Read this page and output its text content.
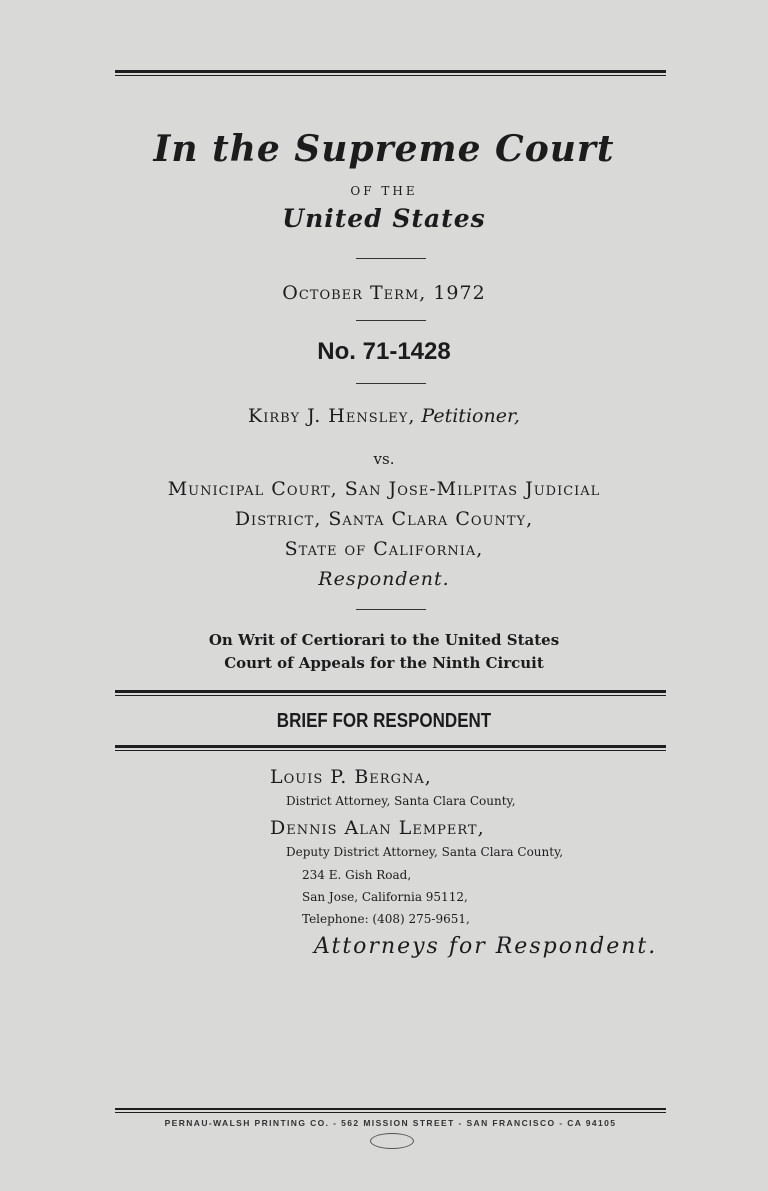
In the Supreme Court
OF THE
United States
October Term, 1972
No. 71-1428
Kirby J. Hensley, Petitioner,
vs.
Municipal Court, San Jose-Milpitas Judicial
District, Santa Clara County,
State of California,
Respondent.
On Writ of Certiorari to the United States
Court of Appeals for the Ninth Circuit
BRIEF FOR RESPONDENT
Louis P. Bergna,
District Attorney, Santa Clara County,
Dennis Alan Lempert,
Deputy District Attorney, Santa Clara County,
234 E. Gish Road,
San Jose, California 95112,
Telephone: (408) 275-9651,
Attorneys for Respondent.
PERNAU-WALSH PRINTING CO. - 562 MISSION STREET - SAN FRANCISCO - CA 94105
